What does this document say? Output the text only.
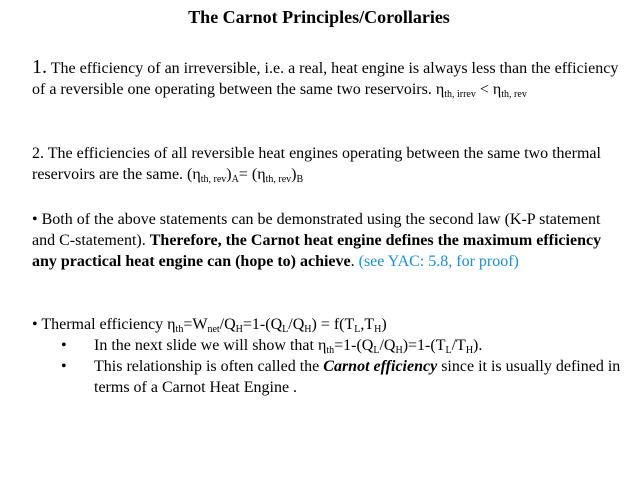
The Carnot Principles/Corollaries
1. The efficiency of an irreversible, i.e. a real, heat engine is always less than the efficiency of a reversible one operating between the same two reservoirs. $\eta_{th, irrev} < \eta_{th, rev}$
2. The efficiencies of all reversible heat engines operating between the same two thermal reservoirs are the same. $(\eta_{th, rev})_A= (\eta_{th, rev})_B$
• Both of the above statements can be demonstrated using the second law (K-P statement and C-statement). Therefore, the Carnot heat engine defines the maximum efficiency any practical heat engine can (hope to) achieve. (see YAC: 5.8, for proof)
• Thermal efficiency $\eta_{th}=W_{net}/Q_H=1-(Q_L/Q_H) = f(T_L,T_H)$
• In the next slide we will show that $\eta_{th}=1-(Q_L/Q_H)=1-(T_L/T_H)$.
• This relationship is often called the Carnot efficiency since it is usually defined in terms of a Carnot Heat Engine .
